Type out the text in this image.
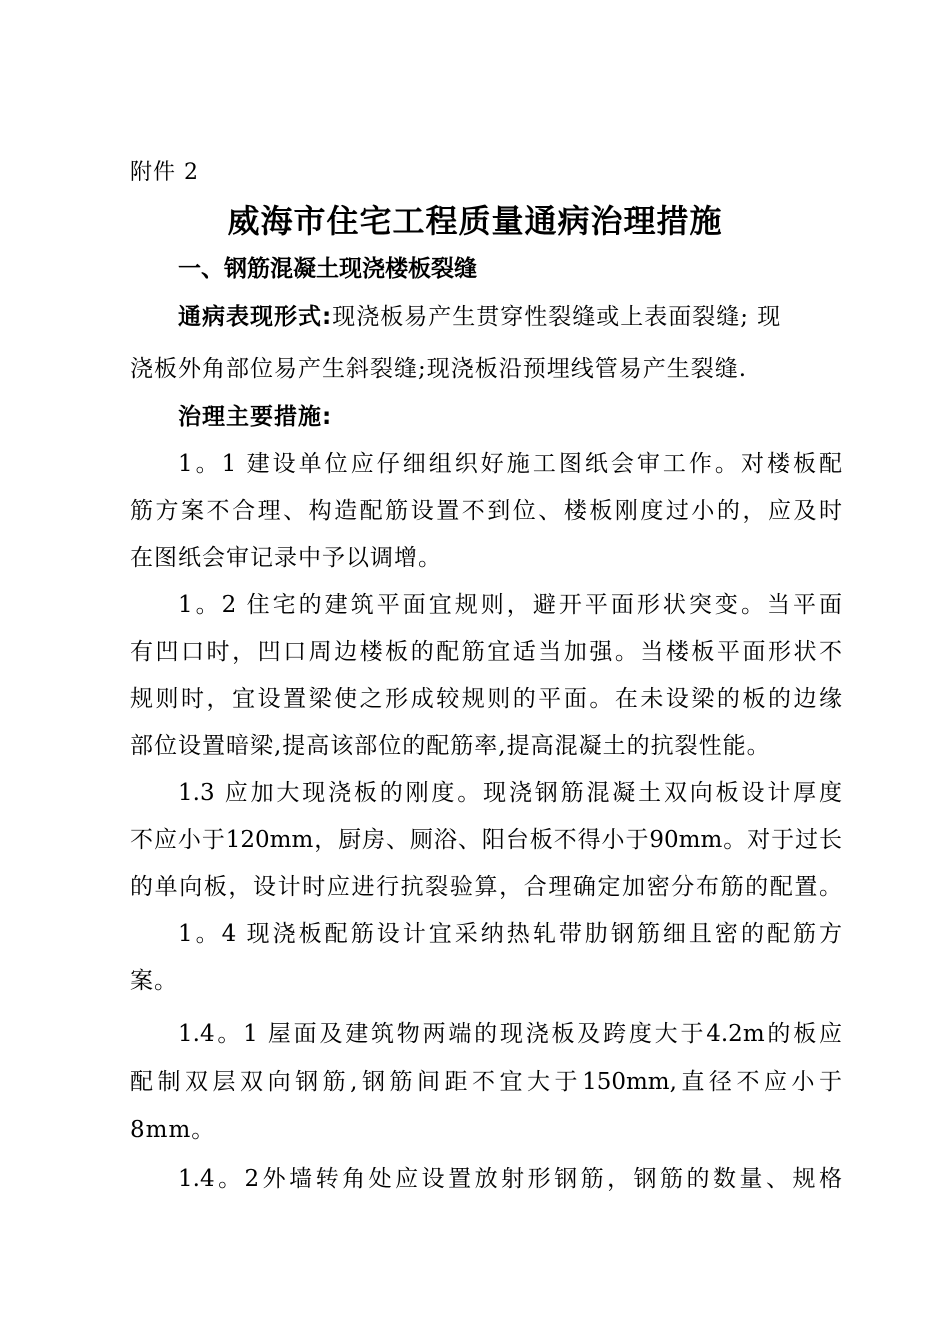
附件 2
威海市住宅工程质量通病治理措施
一、钢筋混凝土现浇楼板裂缝
通病表现形式:现浇板易产生贯穿性裂缝或上表面裂缝; 现
浇板外角部位易产生斜裂缝;现浇板沿预埋线管易产生裂缝.
治理主要措施:
1。1 建设单位应仔细组织好施工图纸会审工作。对楼板配
筋方案不合理、构造配筋设置不到位、楼板刚度过小的，应及时
在图纸会审记录中予以调增。
1。2 住宅的建筑平面宜规则，避开平面形状突变。当平面
有凹口时，凹口周边楼板的配筋宜适当加强。当楼板平面形状不
规则时，宜设置梁使之形成较规则的平面。在未设梁的板的边缘
部位设置暗梁,提高该部位的配筋率,提高混凝土的抗裂性能。
1.3 应加大现浇板的刚度。现浇钢筋混凝土双向板设计厚度
不应小于120mm，厨房、厕浴、阳台板不得小于90mm。对于过长
的单向板，设计时应进行抗裂验算，合理确定加密分布筋的配置。
1。4 现浇板配筋设计宜采纳热轧带肋钢筋细且密的配筋方
案。
1.4。1 屋面及建筑物两端的现浇板及跨度大于4.2m的板应
配制双层双向钢筋,钢筋间距不宜大于150mm,直径不应小于
8mm。
1.4。2外墙转角处应设置放射形钢筋，钢筋的数量、规格
